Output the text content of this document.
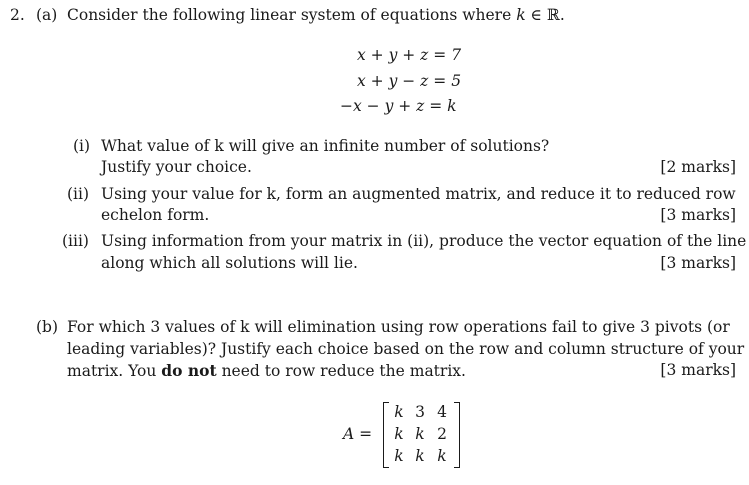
2. (a) Consider the following linear system of equations where k ∈ ℝ.
x + y + z = 7
x + y − z = 5
−x − y + z = k
(i) What value of k will give an infinite number of solutions?
Justify your choice.	[2 marks]
(ii) Using your value for k, form an augmented matrix, and reduce it to reduced row
echelon form.	[3 marks]
(iii) Using information from your matrix in (ii), produce the vector equation of the line
along which all solutions will lie.	[3 marks]
(b) For which 3 values of k will elimination using row operations fail to give 3 pivots (or
leading variables)? Justify each choice based on the row and column structure of your
matrix. You do not need to row reduce the matrix.	[3 marks]
A =
k 3 4
k k 2
k k k
